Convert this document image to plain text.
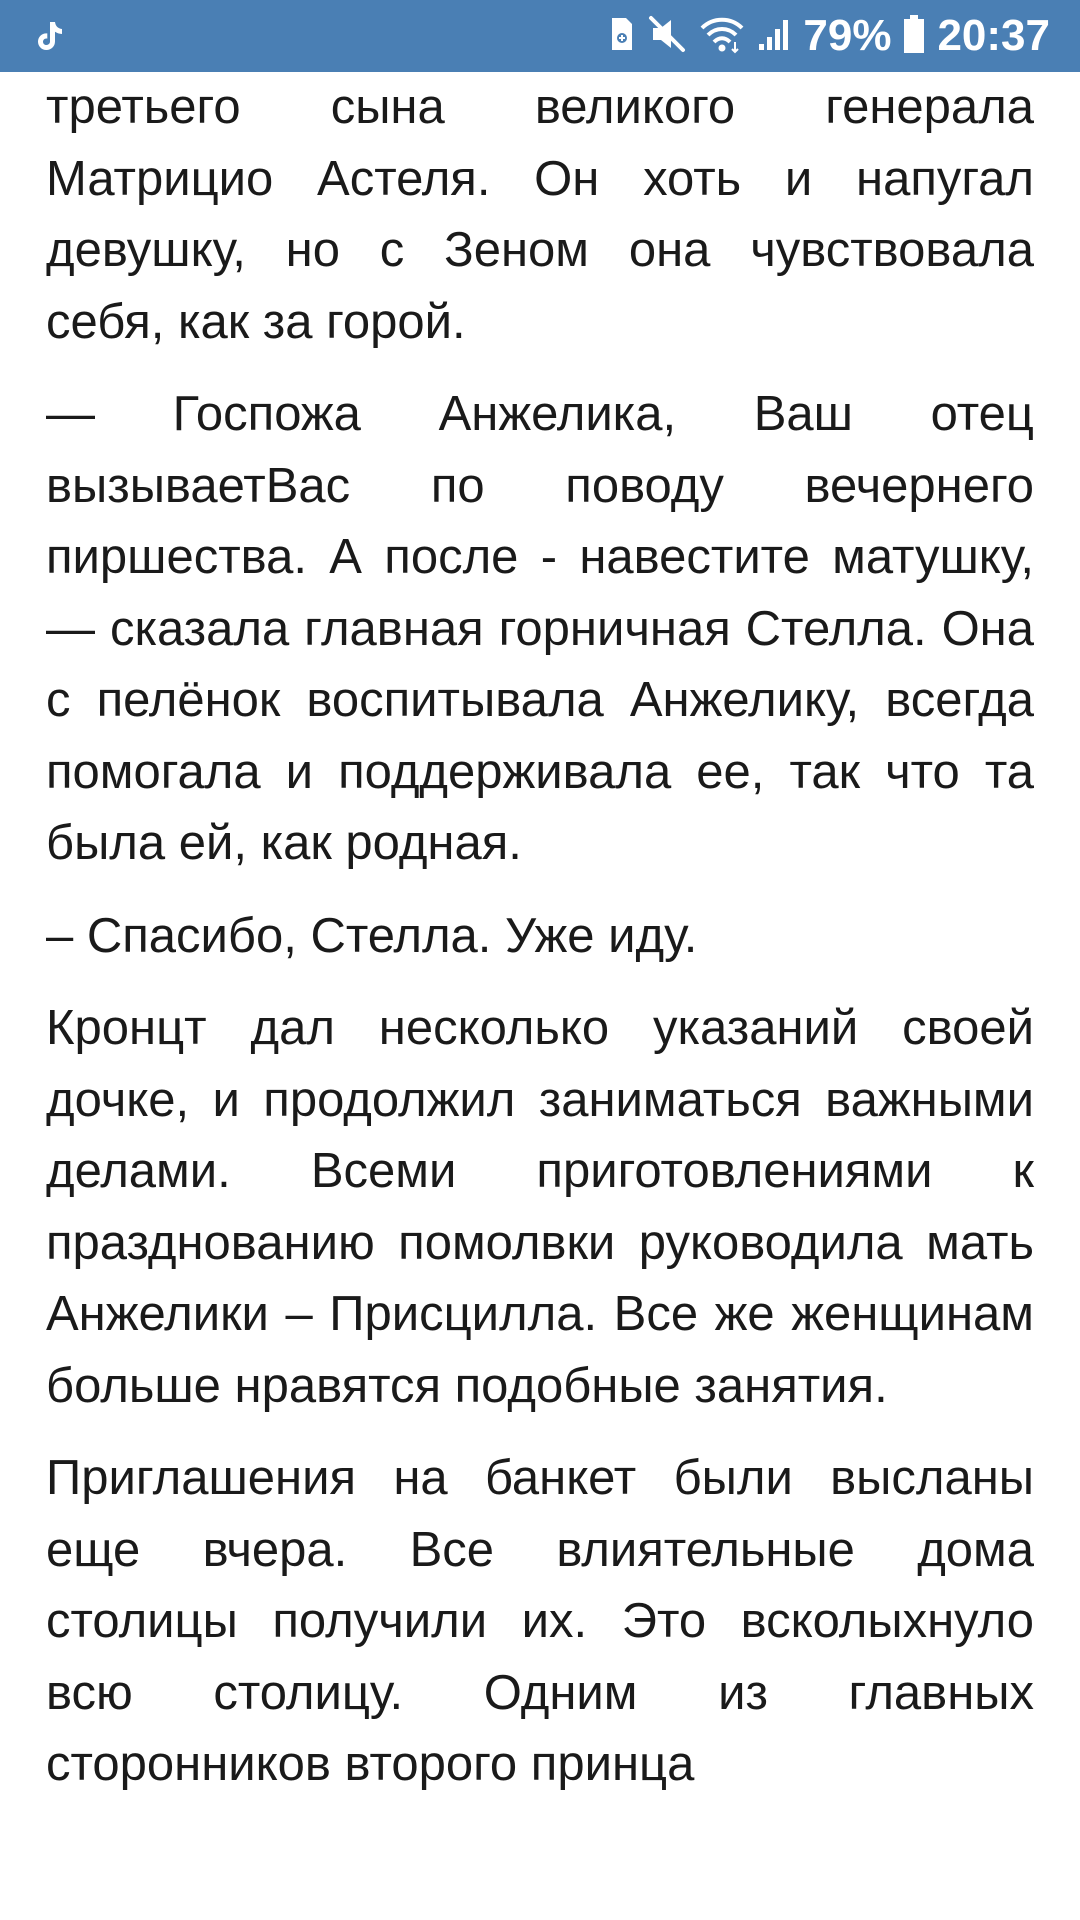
79% 20:37

третьего сына великого генерала Матрицио Астеля. Он хоть и напугал девушку, но с Зеном она чувствовала себя, как за горой.

— Госпожа Анжелика, Ваш отец вызываетВас по поводу вечернего пиршества. А после - навестите матушку, — сказала главная горничная Стелла. Она с пелёнок воспитывала Анжелику, всегда помогала и поддерживала ее, так что та была ей, как родная.

– Спасибо, Стелла. Уже иду.

Кронцт дал несколько указаний своей дочке, и продолжил заниматься важными делами. Всеми приготовлениями к празднованию помолвки руководила мать Анжелики – Присцилла. Все же женщинам больше нравятся подобные занятия.

Приглашения на банкет были высланы еще вчера. Все влиятельные дома столицы получили их. Это всколыхнуло всю столицу. Одним из главных сторонников второго принца
